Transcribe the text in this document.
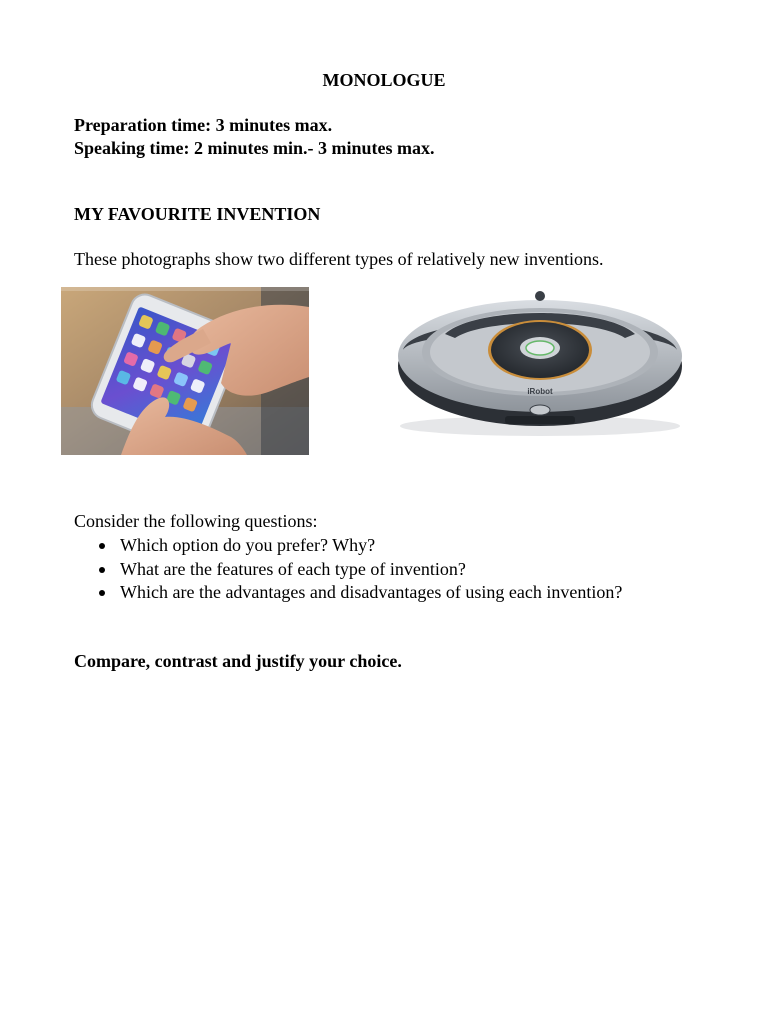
MONOLOGUE
Preparation time: 3 minutes max.
Speaking time: 2 minutes min.- 3 minutes max.
MY FAVOURITE INVENTION
These photographs show two different types of relatively new inventions.
iRobot
Consider the following questions:
Which option do you prefer? Why?
What are the features of each type of invention?
Which are the advantages and disadvantages of using each invention?
Compare, contrast and justify your choice.
